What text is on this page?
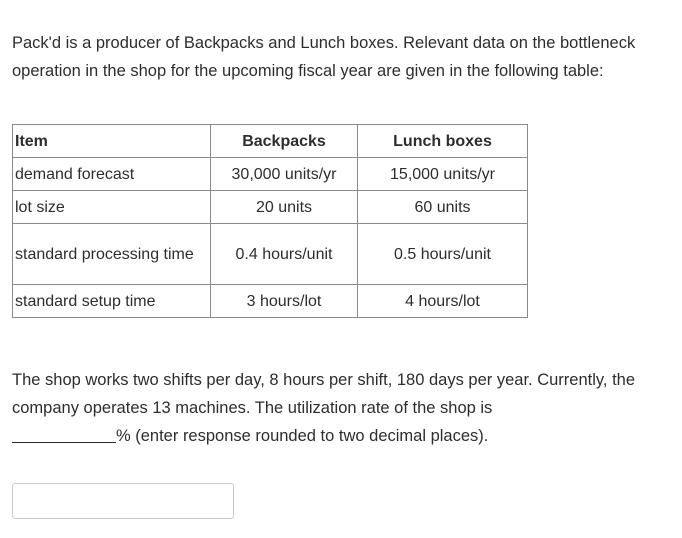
Pack'd is a producer of Backpacks and Lunch boxes. Relevant data on the bottleneck operation in the shop for the upcoming fiscal year are given in the following table:

Item	Backpacks	Lunch boxes
demand forecast	30,000 units/yr	15,000 units/yr
lot size	20 units	60 units
standard processing time	0.4 hours/unit	0.5 hours/unit
standard setup time	3 hours/lot	4 hours/lot

The shop works two shifts per day, 8 hours per shift, 180 days per year. Currently, the company operates 13 machines. The utilization rate of the shop is
% (enter response rounded to two decimal places).
